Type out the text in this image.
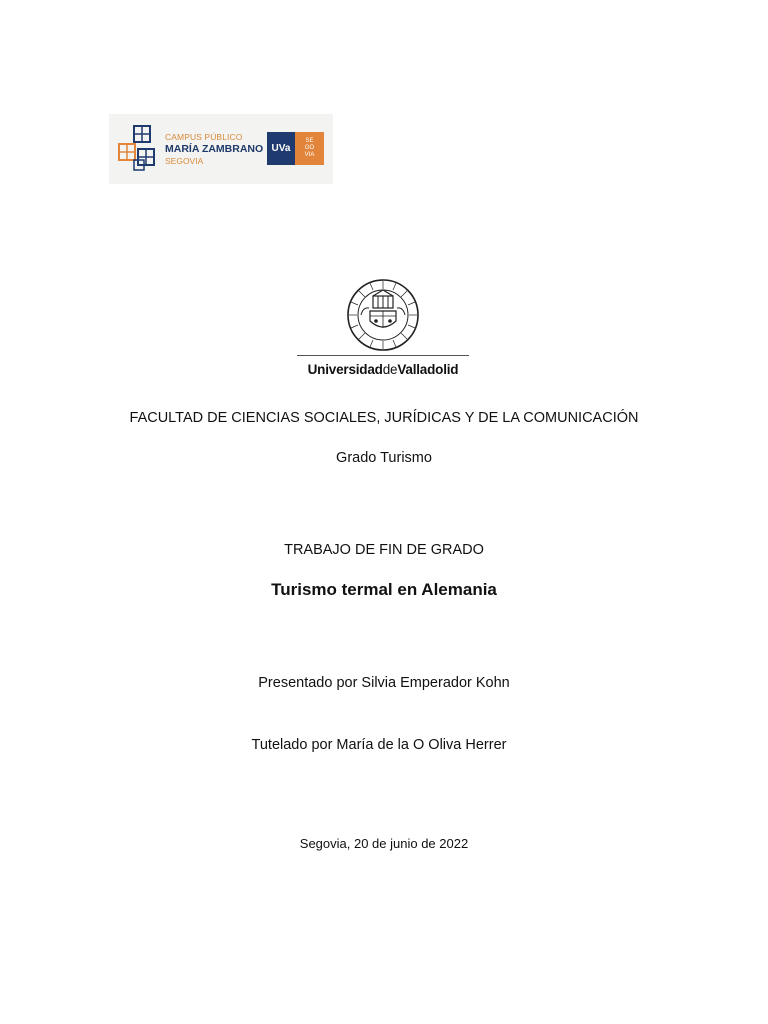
CAMPUS PÚBLICO
MARÍA ZAMBRANO
SEGOVIA
UVa
SE
GO
VIA
UniversidaddeValladolid
FACULTAD DE CIENCIAS SOCIALES, JURÍDICAS Y DE LA COMUNICACIÓN
Grado Turismo
TRABAJO DE FIN DE GRADO
Turismo termal en Alemania
Presentado por Silvia Emperador Kohn
Tutelado por María de la O Oliva Herrer
Segovia, 20 de junio de 2022
